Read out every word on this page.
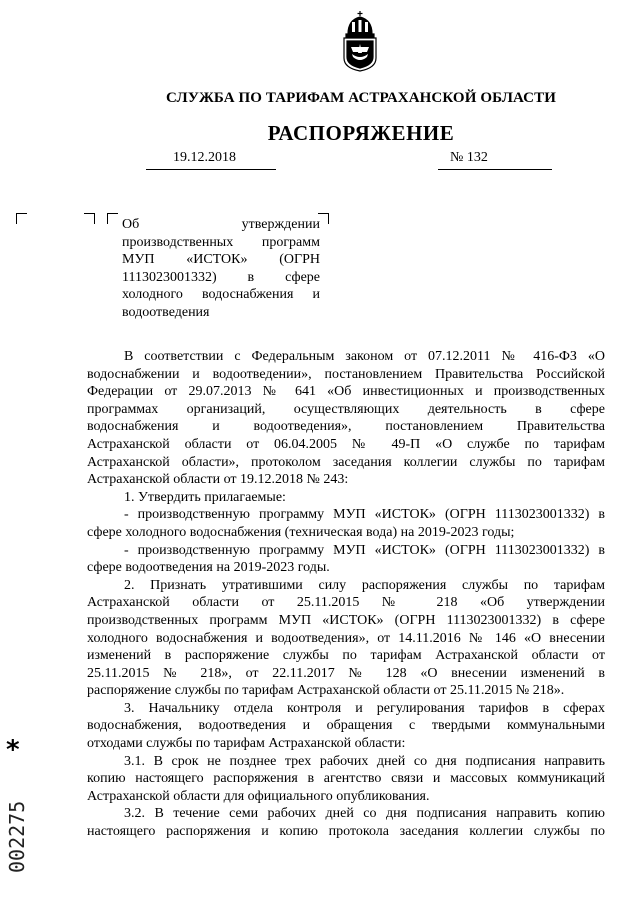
СЛУЖБА ПО ТАРИФАМ АСТРАХАНСКОЙ ОБЛАСТИ
РАСПОРЯЖЕНИЕ
19.12.2018	№ 132
Об утверждении
производственных программ
МУП «ИСТОК» (ОГРН
1113023001332) в сфере
холодного водоснабжения и
водоотведения
В соответствии с Федеральным законом от 07.12.2011 № 416-ФЗ «О
водоснабжении и водоотведении», постановлением Правительства Российской
Федерации от 29.07.2013 № 641 «Об инвестиционных и производственных
программах организаций, осуществляющих деятельность в сфере
водоснабжения и водоотведения», постановлением Правительства
Астраханской области от 06.04.2005 № 49-П «О службе по тарифам
Астраханской области», протоколом заседания коллегии службы по тарифам
Астраханской области от 19.12.2018 № 243:
1. Утвердить прилагаемые:
- производственную программу МУП «ИСТОК» (ОГРН 1113023001332) в
сфере холодного водоснабжения (техническая вода) на 2019-2023 годы;
- производственную программу МУП «ИСТОК» (ОГРН 1113023001332) в
сфере водоотведения на 2019-2023 годы.
2. Признать утратившими силу распоряжения службы по тарифам
Астраханской области от 25.11.2015 № 218 «Об утверждении
производственных программ МУП «ИСТОК» (ОГРН 1113023001332) в сфере
холодного водоснабжения и водоотведения», от 14.11.2016 № 146 «О внесении
изменений в распоряжение службы по тарифам Астраханской области от
25.11.2015 № 218», от 22.11.2017 № 128 «О внесении изменений в
распоряжение службы по тарифам Астраханской области от 25.11.2015 № 218».
3. Начальнику отдела контроля и регулирования тарифов в сферах
водоснабжения, водоотведения и обращения с твердыми коммунальными
отходами службы по тарифам Астраханской области:
3.1. В срок не позднее трех рабочих дней со дня подписания направить
копию настоящего распоряжения в агентство связи и массовых коммуникаций
Астраханской области для официального опубликования.
3.2. В течение семи рабочих дней со дня подписания направить копию
настоящего распоряжения и копию протокола заседания коллегии службы по
*
002275
